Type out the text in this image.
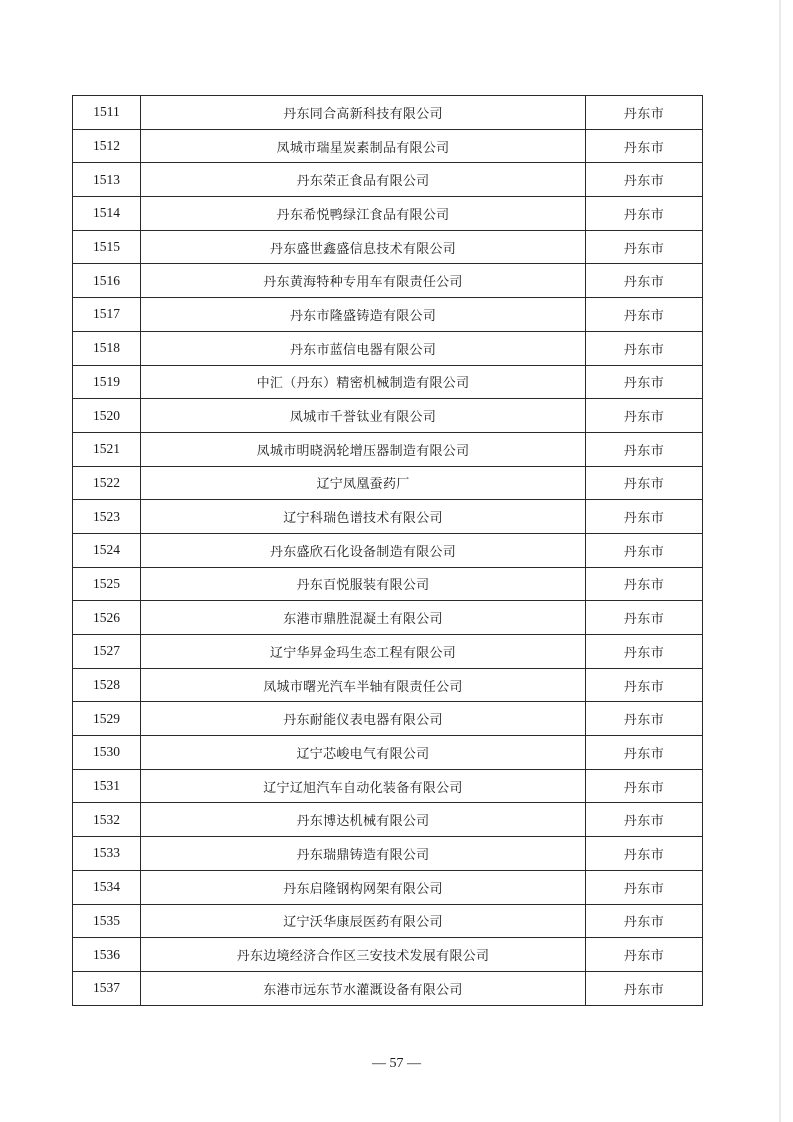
1511	丹东同合高新科技有限公司	丹东市
1512	凤城市瑞星炭素制品有限公司	丹东市
1513	丹东荣正食品有限公司	丹东市
1514	丹东希悦鸭绿江食品有限公司	丹东市
1515	丹东盛世鑫盛信息技术有限公司	丹东市
1516	丹东黄海特种专用车有限责任公司	丹东市
1517	丹东市隆盛铸造有限公司	丹东市
1518	丹东市蓝信电器有限公司	丹东市
1519	中汇（丹东）精密机械制造有限公司	丹东市
1520	凤城市千誉钛业有限公司	丹东市
1521	凤城市明晓涡轮增压器制造有限公司	丹东市
1522	辽宁凤凰蚕药厂	丹东市
1523	辽宁科瑞色谱技术有限公司	丹东市
1524	丹东盛欣石化设备制造有限公司	丹东市
1525	丹东百悦服装有限公司	丹东市
1526	东港市鼎胜混凝土有限公司	丹东市
1527	辽宁华昇金玛生态工程有限公司	丹东市
1528	凤城市曙光汽车半轴有限责任公司	丹东市
1529	丹东耐能仪表电器有限公司	丹东市
1530	辽宁芯峻电气有限公司	丹东市
1531	辽宁辽旭汽车自动化装备有限公司	丹东市
1532	丹东博达机械有限公司	丹东市
1533	丹东瑞鼎铸造有限公司	丹东市
1534	丹东启隆钢构网架有限公司	丹东市
1535	辽宁沃华康辰医药有限公司	丹东市
1536	丹东边境经济合作区三安技术发展有限公司	丹东市
1537	东港市远东节水灌溉设备有限公司	丹东市
— 57 —
